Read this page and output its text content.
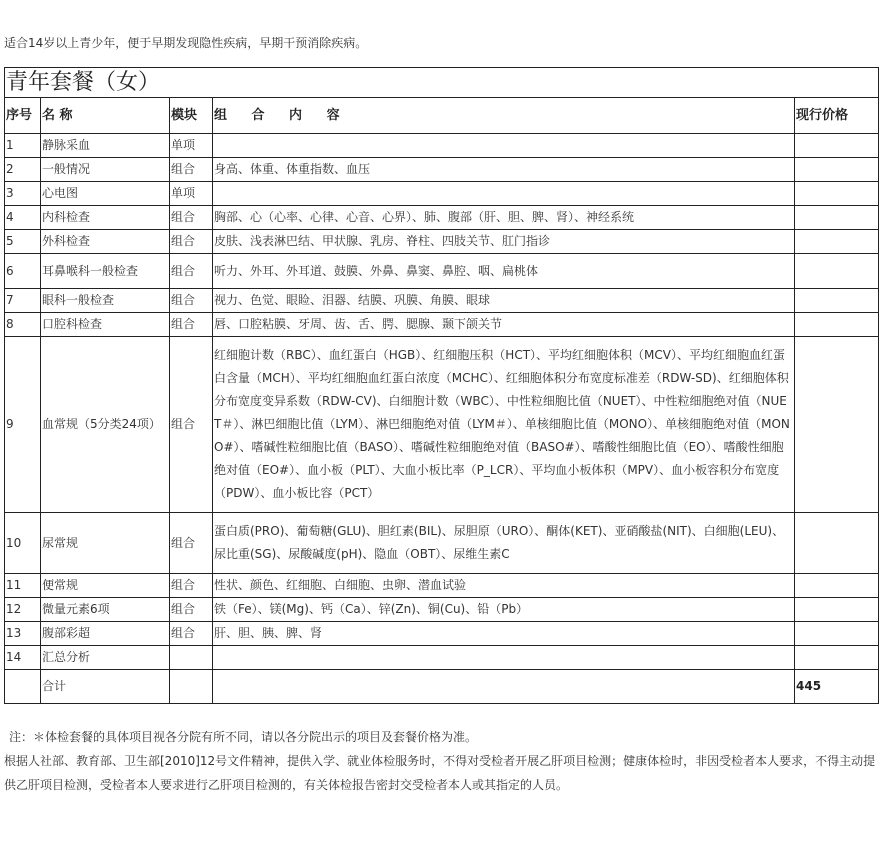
适合14岁以上青少年，便于早期发现隐性疾病，早期干预消除疾病。
青年套餐（女）				
序号	名 称	模块	组 合 内 容	现行价格
1	静脉采血	单项		
2	一般情况	组合	身高、体重、体重指数、血压	
3	心电图	单项		
4	内科检查	组合	胸部、心（心率、心律、心音、心界）、肺、腹部（肝、胆、脾、肾）、神经系统	
5	外科检查	组合	皮肤、浅表淋巴结、甲状腺、乳房、脊柱、四肢关节、肛门指诊	
6	耳鼻喉科一般检查	组合	听力、外耳、外耳道、鼓膜、外鼻、鼻窦、鼻腔、咽、扁桃体	
7	眼科一般检查	组合	视力、色觉、眼睑、泪器、结膜、巩膜、角膜、眼球	
8	口腔科检查	组合	唇、口腔粘膜、牙周、齿、舌、腭、腮腺、颞下颌关节	
9	血常规（5分类24项）	组合	红细胞计数（RBC）、血红蛋白（HGB）、红细胞压积（HCT）、平均红细胞体积（MCV）、平均红细胞血红蛋白含量（MCH）、平均红细胞血红蛋白浓度（MCHC）、红细胞体积分布宽度标准差（RDW-SD)、红细胞体积分布宽度变异系数（RDW-CV)、白细胞计数（WBC）、中性粒细胞比值（NUET）、中性粒细胞绝对值（NUET＃）、淋巴细胞比值（LYM）、淋巴细胞绝对值（LYM＃）、单核细胞比值（MONO）、单核细胞绝对值（MONO#）、嗜碱性粒细胞比值（BASO）、嗜碱性粒细胞绝对值（BASO#）、嗜酸性细胞比值（EO）、嗜酸性细胞绝对值（EO#）、血小板（PLT）、大血小板比率（P_LCR）、平均血小板体积（MPV）、血小板容积分布宽度（PDW）、血小板比容（PCT）	
10	尿常规	组合	蛋白质(PRO)、葡萄糖(GLU)、胆红素(BIL)、尿胆原（URO）、酮体(KET)、亚硝酸盐(NIT)、白细胞(LEU)、尿比重(SG)、尿酸碱度(pH)、隐血（OBT）、尿维生素C	
11	便常规	组合	性状、颜色、红细胞、白细胞、虫卵、潜血试验	
12	微量元素6项	组合	铁（Fe）、镁(Mg)、钙（Ca）、锌(Zn)、铜(Cu)、铅（Pb）	
13	腹部彩超	组合	肝、胆、胰、脾、肾	
14	汇总分析			
	合计			445

注：＊体检套餐的具体项目视各分院有所不同，请以各分院出示的项目及套餐价格为准。

根据人社部、教育部、卫生部[2010]12号文件精神，提供入学、就业体检服务时，不得对受检者开展乙肝项目检测；健康体检时，非因受检者本人要求，不得主动提供乙肝项目检测，受检者本人要求进行乙肝项目检测的，有关体检报告密封交受检者本人或其指定的人员。
